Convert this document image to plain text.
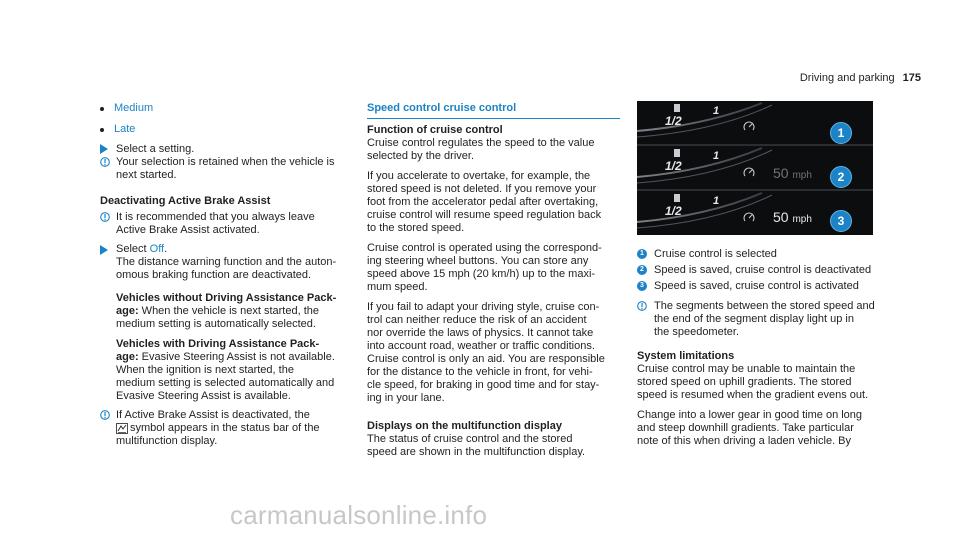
Driving and parking 175
Medium
Late
Select a setting.

Your selection is retained when the vehicle is

next started.

Deactivating Active Brake Assist

It is recommended that you always leave

Active Brake Assist activated.

Select Off.

The distance warning function and the auton-

omous braking function are deactivated.

Vehicles without Driving Assistance Pack-

age: When the vehicle is next started, the

medium setting is automatically selected.

Vehicles with Driving Assistance Pack-

age: Evasive Steering Assist is not available.

When the ignition is next started, the

medium setting is selected automatically and

Evasive Steering Assist is available.

If Active Brake Assist is deactivated, the

symbol appears in the status bar of the

multifunction display.

Speed control cruise control

Function of cruise control

Cruise control regulates the speed to the value

selected by the driver.

If you accelerate to overtake, for example, the

stored speed is not deleted. If you remove your

foot from the accelerator pedal after overtaking,

cruise control will resume speed regulation back

to the stored speed.

Cruise control is operated using the correspond-

ing steering wheel buttons. You can store any

speed above 15 mph (20 km/h) up to the maxi-

mum speed.

If you fail to adapt your driving style, cruise con-

trol can neither reduce the risk of an accident

nor override the laws of physics. It cannot take

into account road, weather or traffic conditions.

Cruise control is only an aid. You are responsible

for the distance to the vehicle in front, for vehi-

cle speed, for braking in good time and for stay-

ing in your lane.

Displays on the multifunction display

The status of cruise control and the stored

speed are shown in the multifunction display.

1/2
1
1
1/2
1
50 mph	2
1/2
1
50 mph	3
1 Cruise control is selected
2 Speed is saved, cruise control is deactivated
3 Speed is saved, cruise control is activated

The segments between the stored speed and

the end of the segment display light up in

the speedometer.

System limitations

Cruise control may be unable to maintain the

stored speed on uphill gradients. The stored

speed is resumed when the gradient evens out.

Change into a lower gear in good time on long

and steep downhill gradients. Take particular

note of this when driving a laden vehicle. By

carmanualsonline.info
